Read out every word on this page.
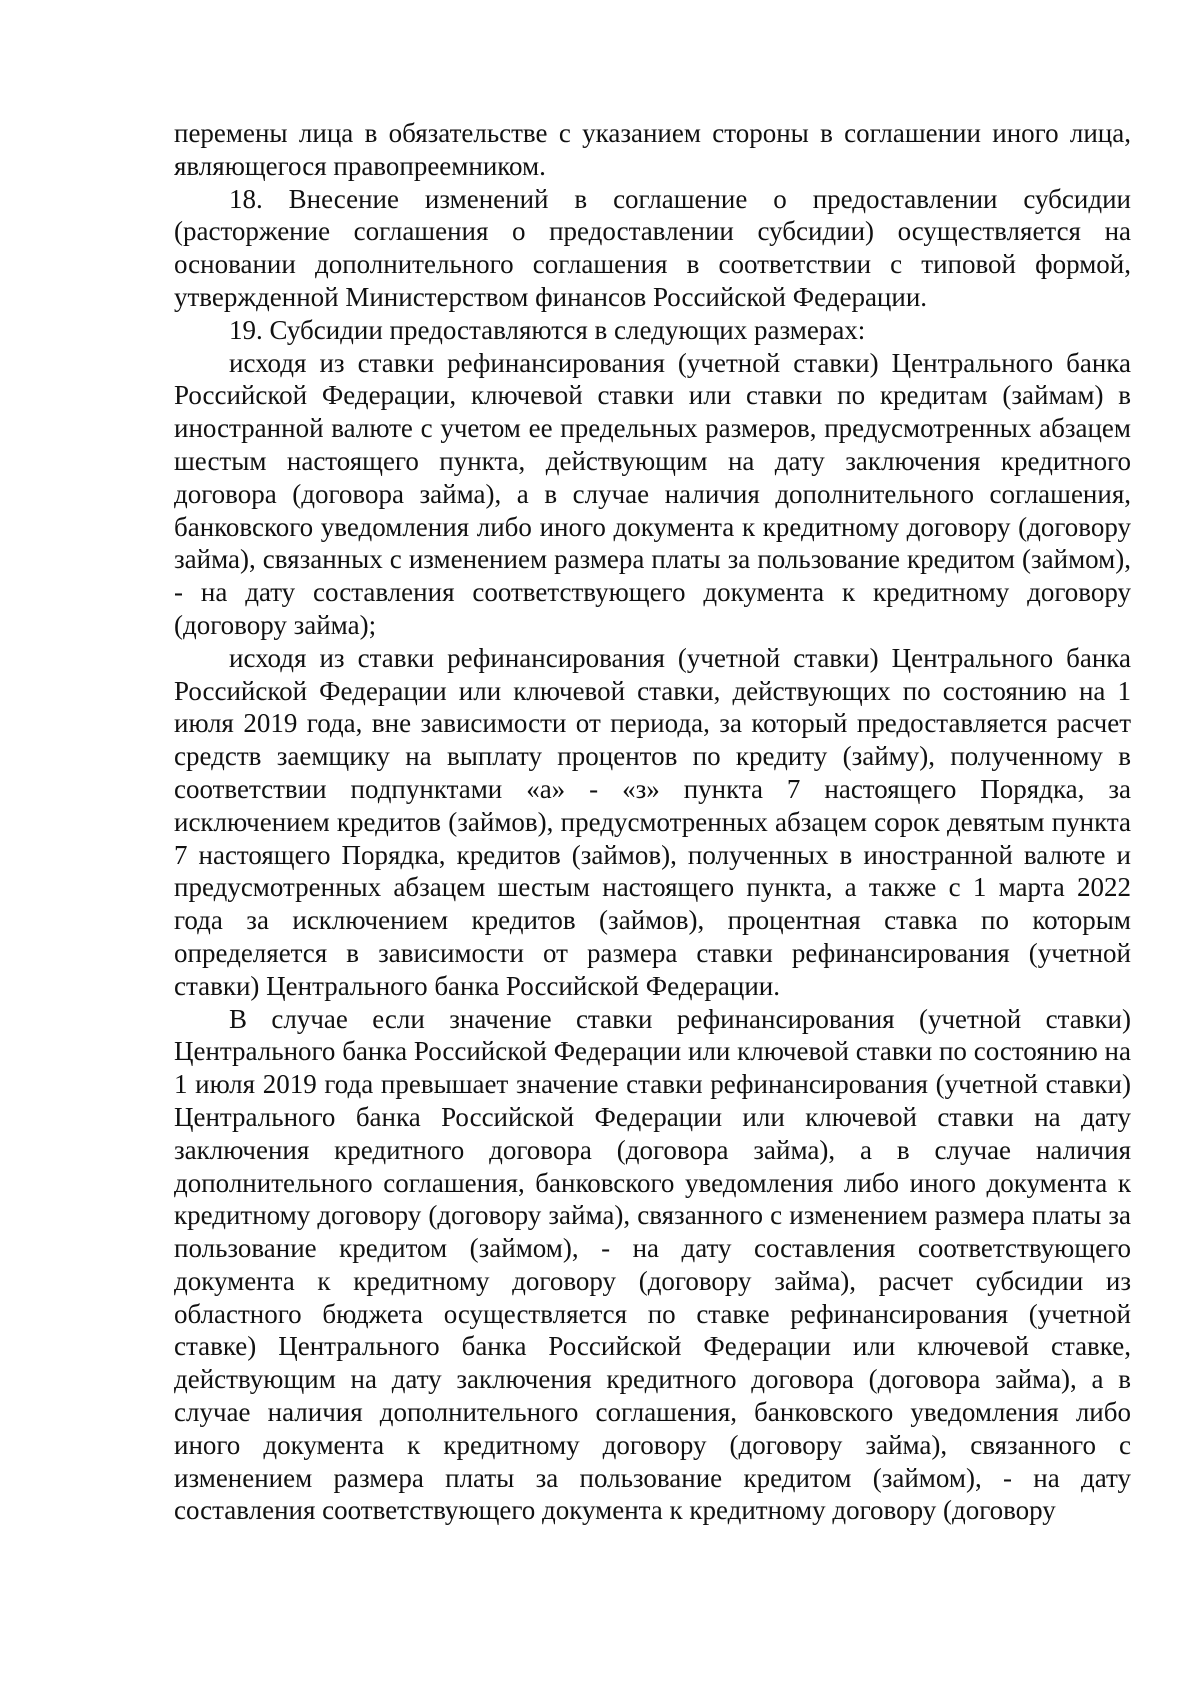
перемены лица в обязательстве с указанием стороны в соглашении иного лица, являющегося правопреемником.

18. Внесение изменений в соглашение о предоставлении субсидии (расторжение соглашения о предоставлении субсидии) осуществляется на основании дополнительного соглашения в соответствии с типовой формой, утвержденной Министерством финансов Российской Федерации.

19. Субсидии предоставляются в следующих размерах:

исходя из ставки рефинансирования (учетной ставки) Центрального банка Российской Федерации, ключевой ставки или ставки по кредитам (займам) в иностранной валюте с учетом ее предельных размеров, предусмотренных абзацем шестым настоящего пункта, действующим на дату заключения кредитного договора (договора займа), а в случае наличия дополнительного соглашения, банковского уведомления либо иного документа к кредитному договору (договору займа), связанных с изменением размера платы за пользование кредитом (займом), - на дату составления соответствующего документа к кредитному договору (договору займа);

исходя из ставки рефинансирования (учетной ставки) Центрального банка Российской Федерации или ключевой ставки, действующих по состоянию на 1 июля 2019 года, вне зависимости от периода, за который предоставляется расчет средств заемщику на выплату процентов по кредиту (займу), полученному в соответствии подпунктами «а» - «з» пункта 7 настоящего Порядка, за исключением кредитов (займов), предусмотренных абзацем сорок девятым пункта 7 настоящего Порядка, кредитов (займов), полученных в иностранной валюте и предусмотренных абзацем шестым настоящего пункта, а также с 1 марта 2022 года за исключением кредитов (займов), процентная ставка по которым определяется в зависимости от размера ставки рефинансирования (учетной ставки) Центрального банка Российской Федерации.

В случае если значение ставки рефинансирования (учетной ставки) Центрального банка Российской Федерации или ключевой ставки по состоянию на 1 июля 2019 года превышает значение ставки рефинансирования (учетной ставки) Центрального банка Российской Федерации или ключевой ставки на дату заключения кредитного договора (договора займа), а в случае наличия дополнительного соглашения, банковского уведомления либо иного документа к кредитному договору (договору займа), связанного с изменением размера платы за пользование кредитом (займом), - на дату составления соответствующего документа к кредитному договору (договору займа), расчет субсидии из областного бюджета осуществляется по ставке рефинансирования (учетной ставке) Центрального банка Российской Федерации или ключевой ставке, действующим на дату заключения кредитного договора (договора займа), а в случае наличия дополнительного соглашения, банковского уведомления либо иного документа к кредитному договору (договору займа), связанного с изменением размера платы за пользование кредитом (займом), - на дату составления соответствующего документа к кредитному договору (договору
